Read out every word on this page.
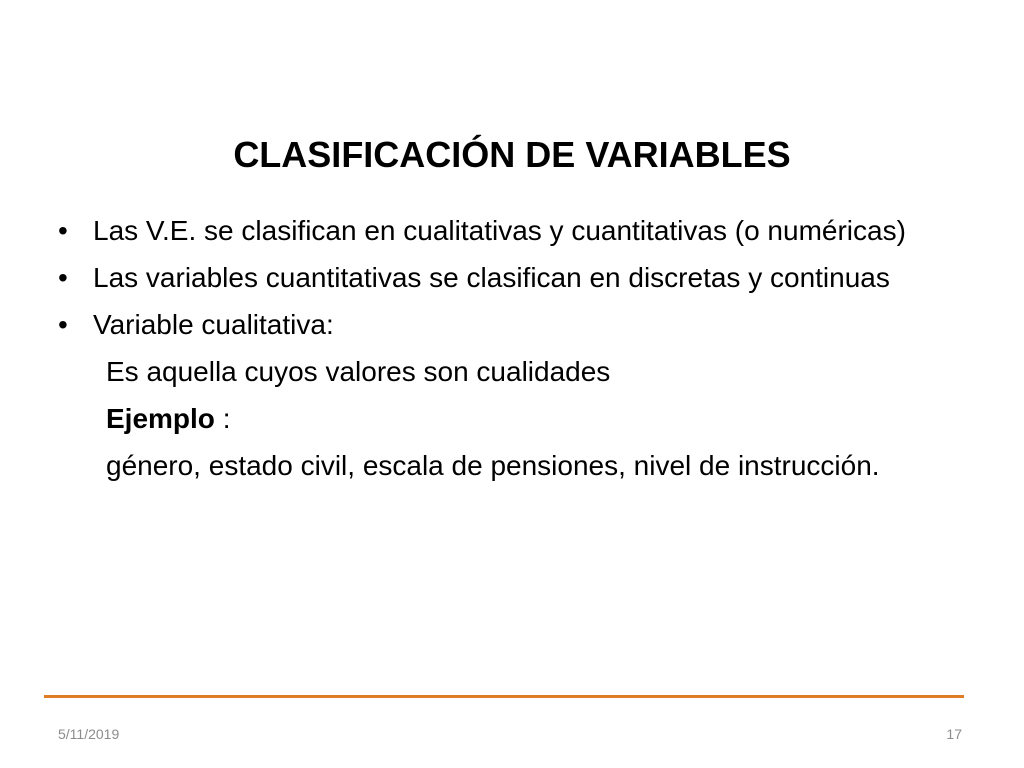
CLASIFICACIÓN DE VARIABLES
• Las V.E. se clasifican en cualitativas y cuantitativas (o numéricas)
• Las variables cuantitativas se clasifican en discretas y continuas
• Variable cualitativa:
Es aquella cuyos valores son cualidades
Ejemplo :
género, estado civil, escala de pensiones, nivel de instrucción.
5/11/2019	17
